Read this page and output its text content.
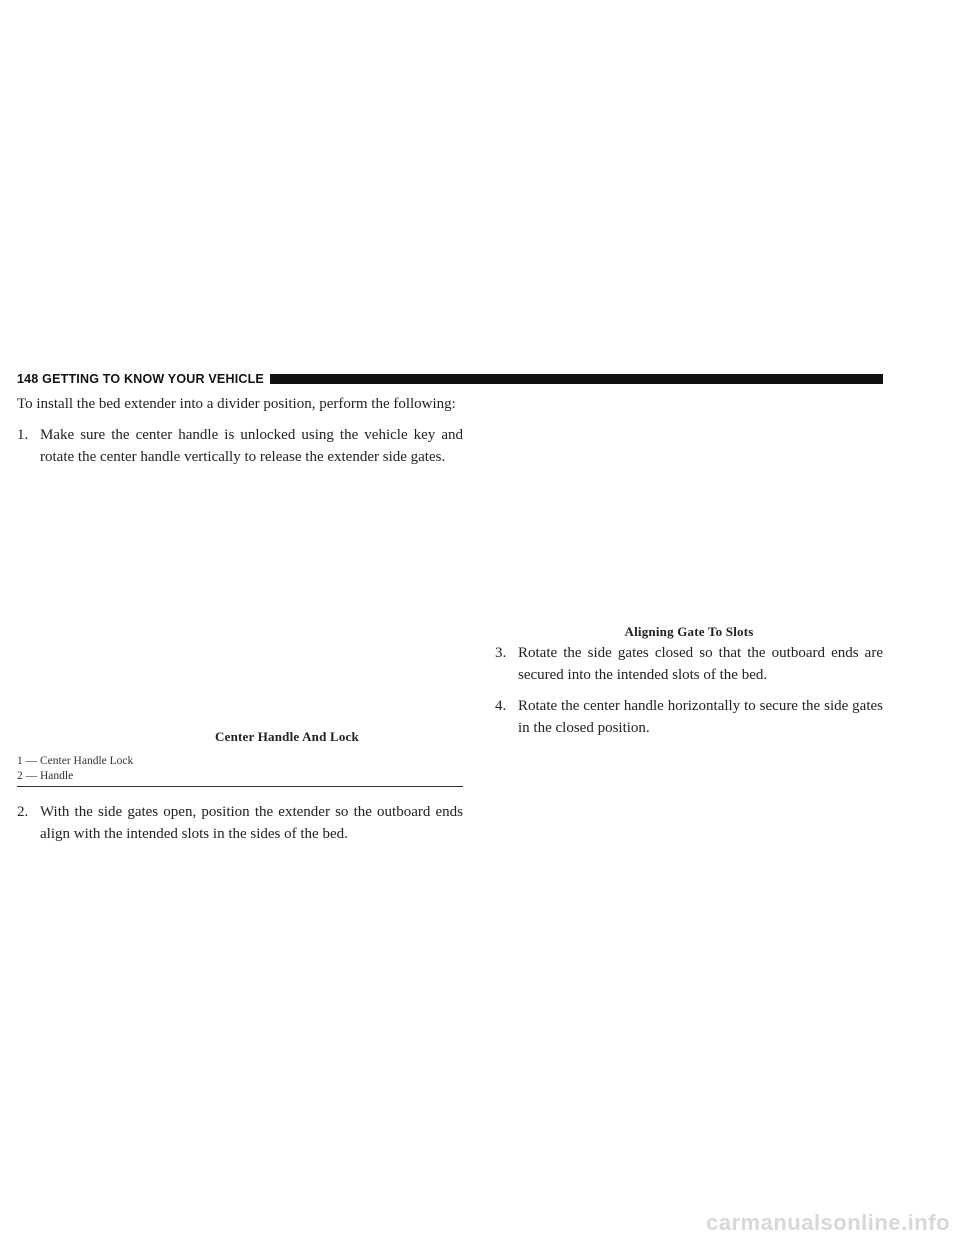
148 GETTING TO KNOW YOUR VEHICLE

To install the bed extender into a divider position, perform the following:

1. Make sure the center handle is unlocked using the vehicle key and rotate the center handle vertically to release the extender side gates.
Center Handle And Lock
1 — Center Handle Lock
2 — Handle
2. With the side gates open, position the extender so the outboard ends align with the intended slots in the sides of the bed.
Aligning Gate To Slots
3. Rotate the side gates closed so that the outboard ends are secured into the intended slots of the bed.
4. Rotate the center handle horizontally to secure the side gates in the closed position.
carmanualsonline.info
